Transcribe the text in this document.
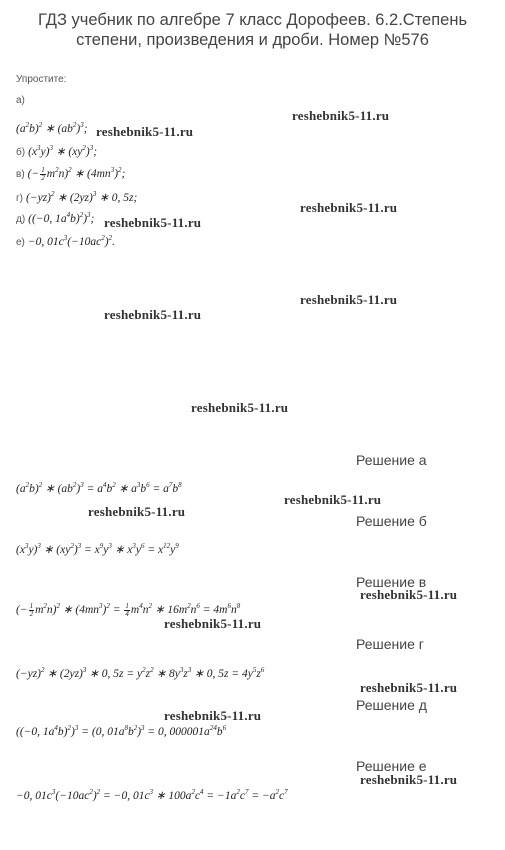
ГДЗ учебник по алгебре 7 класс Дорофеев. 6.2.Степень степени, произведения и дроби. Номер №576
Упростите:
а)
$(a^2b)^2$ ∗ $(ab^2)^3$;
б) $(x^3y)^3$ ∗ $(xy^2)^3$;
в) (− $\frac{1}{2} m^2n)^2$ ∗ $(4mn^3)^2$;
г) $(-yz)^2$ ∗ $(2yz)^3$ ∗ 0, 5z;
д) ((−0, $1a^4b)^2)^3$;
е) −0, $01c^3(-10ac^2)^2$.
reshebnik5-11.ru
reshebnik5-11.ru
reshebnik5-11.ru
reshebnik5-11.ru
reshebnik5-11.ru
reshebnik5-11.ru
reshebnik5-11.ru
reshebnik5-11.ru
reshebnik5-11.ru
reshebnik5-11.ru
reshebnik5-11.ru
reshebnik5-11.ru
reshebnik5-11.ru
reshebnik5-11.ru
Решение а
$(a^2b)^2$ ∗ $(ab^2)^3 = a^4b^2$ ∗ $a^3b^6 = a^7b^8$
Решение б
$(x^3y)^3$ ∗ $(xy^2)^3 = x^9y^3$ ∗ $x^3y^6 = x^{12}y^9$
Решение в
(− $\frac{1}{2} m^2n)^2$ ∗ $(4mn^3)^2 = \frac{1}{4} m^4n^2$ ∗ $16m^2n^6 = 4m^6n^8$
Решение г
$(-yz)^2$ ∗ $(2yz)^3$ ∗ 0, $5z = y^2z^2$ ∗ $8y^3z^3$ ∗ 0, $5z = 4y^5z^6$
Решение д
((−0, $1a^4b)^2)^3 = (0$, $01a^8b^2)^3 = 0$, $000001a^{24}b^6$
Решение е
−0, $01c^3(-10ac^2)^2 = -0$, $01c^3$ ∗ $100a^2c^4 = -1a^2c^7 = -a^2c^7$
